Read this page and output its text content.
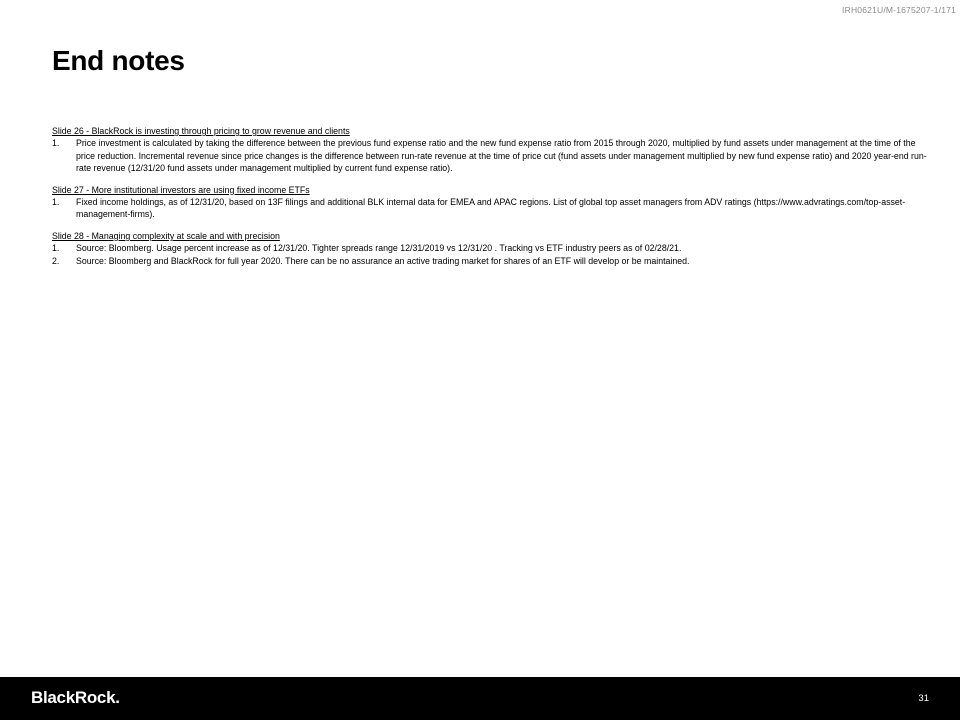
IRH0621U/M-1675207-1/171
End notes

Slide 26 - BlackRock is investing through pricing to grow revenue and clients

1. Price investment is calculated by taking the difference between the previous fund expense ratio and the new fund expense ratio from 2015 through 2020, multiplied by fund assets under management at the time of the price reduction. Incremental revenue since price changes is the difference between run-rate revenue at the time of price cut (fund assets under management multiplied by new fund expense ratio) and 2020 year-end run-rate revenue (12/31/20 fund assets under management multiplied by current fund expense ratio).

Slide 27 - More institutional investors are using fixed income ETFs

1. Fixed income holdings, as of 12/31/20, based on 13F filings and additional BLK internal data for EMEA and APAC regions. List of global top asset managers from ADV ratings (https://www.advratings.com/top-asset-management-firms).

Slide 28 - Managing complexity at scale and with precision

1. Source: Bloomberg. Usage percent increase as of 12/31/20. Tighter spreads range 12/31/2019 vs 12/31/20 . Tracking vs ETF industry peers as of 02/28/21.
2. Source: Bloomberg and BlackRock for full year 2020. There can be no assurance an active trading market for shares of an ETF will develop or be maintained.
BlackRock.	31
